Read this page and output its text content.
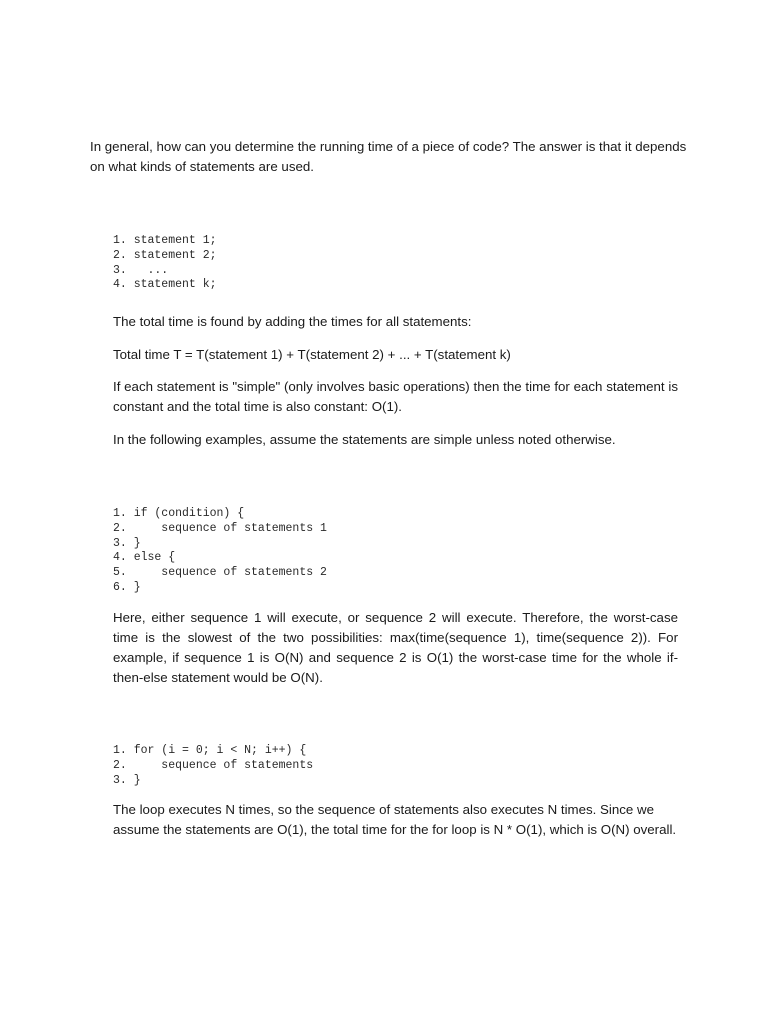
In general, how can you determine the running time of a piece of code? The answer is that it depends on what kinds of statements are used.

1. statement 1;
2. statement 2;
3.   ...
4. statement k;

The total time is found by adding the times for all statements:

Total time T = T(statement 1) + T(statement 2) + ... + T(statement k)

If each statement is "simple" (only involves basic operations) then the time for each statement is constant and the total time is also constant: O(1).

In the following examples, assume the statements are simple unless noted otherwise.

1. if (condition) {
2.     sequence of statements 1
3. }
4. else {
5.     sequence of statements 2
6. }

Here, either sequence 1 will execute, or sequence 2 will execute. Therefore, the worst-case time is the slowest of the two possibilities: max(time(sequence 1), time(sequence 2)). For example, if sequence 1 is O(N) and sequence 2 is O(1) the worst-case time for the whole if-then-else statement would be O(N).

1. for (i = 0; i < N; i++) {
2.     sequence of statements
3. }

The loop executes N times, so the sequence of statements also executes N times. Since we assume the statements are O(1), the total time for the for loop is N * O(1), which is O(N) overall.
